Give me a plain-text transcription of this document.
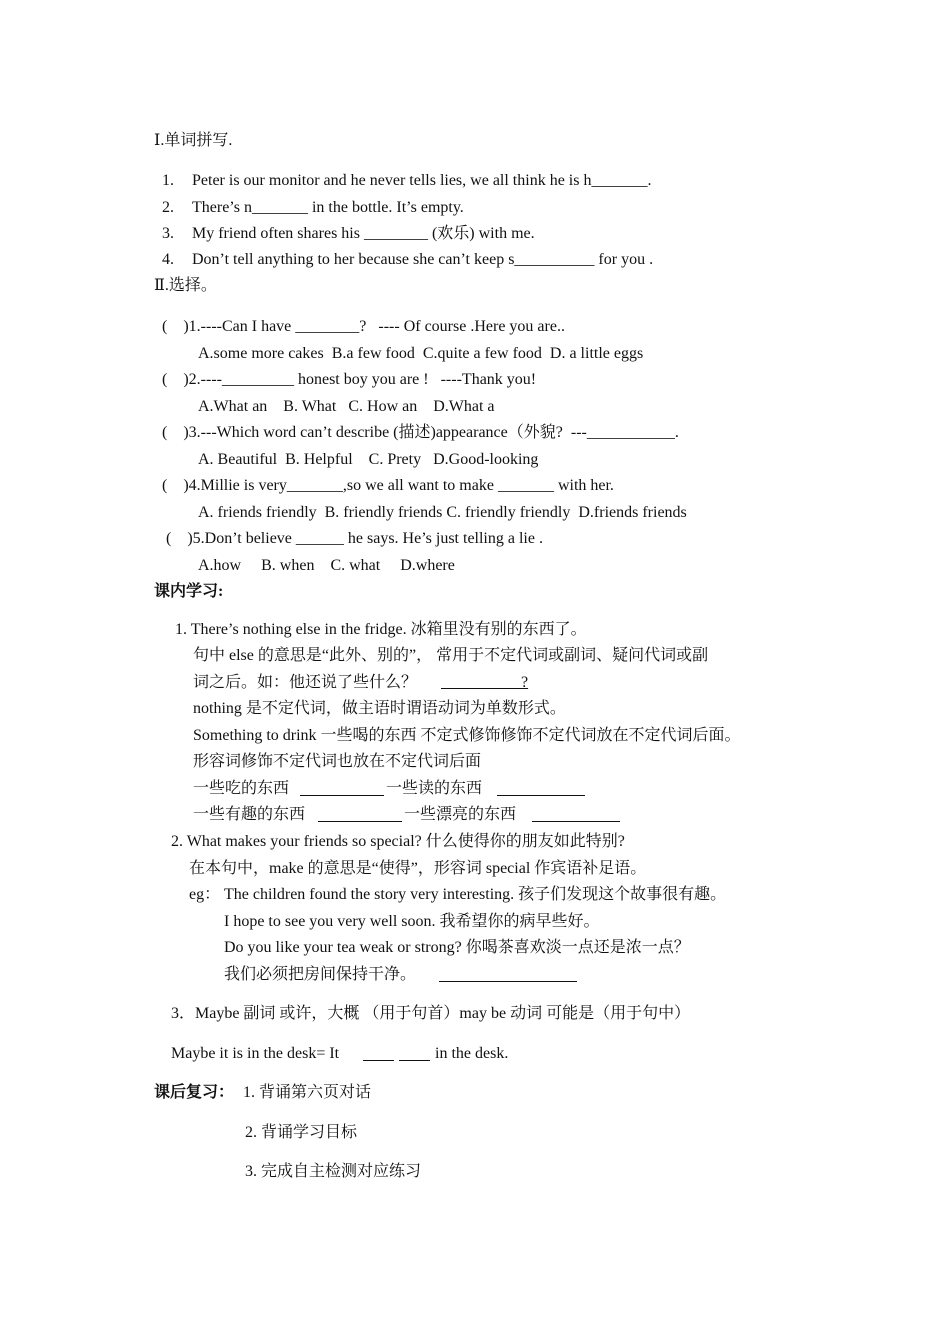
Ⅰ.单词拼写.
1. Peter is our monitor and he never tells lies, we all think he is h_______.
2. There’s n_______ in the bottle. It’s empty.
3. My friend often shares his ________ (欢乐) with me.
4. Don’t tell anything to her because she can’t keep s__________ for you .
Ⅱ.选择。
(    )1.----Can I have ________?   ---- Of course .Here you are..
A.some more cakes  B.a few food  C.quite a few food  D. a little eggs
(    )2.----_________ honest boy you are !   ----Thank you!
A.What an    B. What   C. How an    D.What a
(    )3.---Which word can’t describe (描述)appearance（外貌?  ---___________.
A. Beautiful  B. Helpful    C. Prety   D.Good-looking
(    )4.Millie is very_______,so we all want to make _______ with her.
A. friends friendly  B. friendly friends C. friendly friendly  D.friends friends
(    )5.Don’t believe ______ he says. He’s just telling a lie .
A.how     B. when    C. what     D.where
课内学习:
1. There’s nothing else in the fridge. 冰箱里没有别的东西了。
句中 else 的意思是“此外、别的”， 常用于不定代词或副词、疑问代词或副
词之后。如：他还说了些什么？ ?
nothing 是不定代词，做主语时谓语动词为单数形式。
Something to drink 一些喝的东西 不定式修饰修饰不定代词放在不定代词后面。
形容词修饰不定代词也放在不定代词后面
一些吃的东西	一些读的东西
一些有趣的东西	一些漂亮的东西
2. What makes your friends so special? 什么使得你的朋友如此特别?
在本句中，make 的意思是“使得”，形容词 special 作宾语补足语。
eg： The children found the story very interesting. 孩子们发现这个故事很有趣。
I hope to see you very well soon. 我希望你的病早些好。
Do you like your tea weak or strong? 你喝茶喜欢淡一点还是浓一点？
我们必须把房间保持干净。
3．Maybe 副词 或许，大概 （用于句首）may be 动词 可能是（用于句中）
Maybe it is in the desk= It	in the desk.
课后复习： 1. 背诵第六页对话
2. 背诵学习目标
3. 完成自主检测对应练习
